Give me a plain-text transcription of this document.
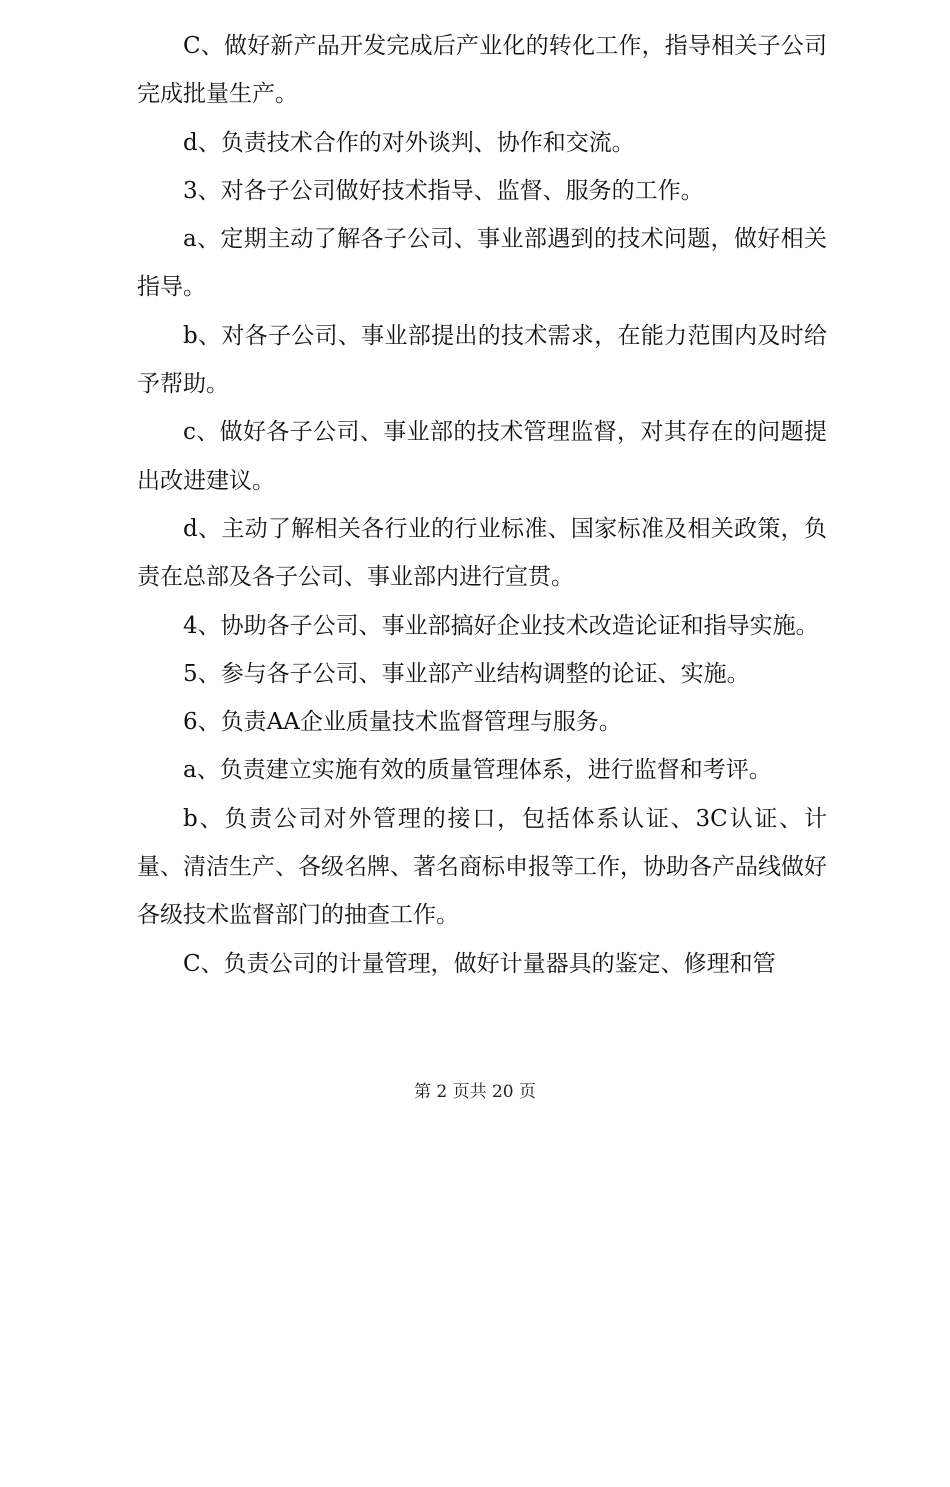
C、做好新产品开发完成后产业化的转化工作，指导相关子公司完成批量生产。

d、负责技术合作的对外谈判、协作和交流。

3、对各子公司做好技术指导、监督、服务的工作。

a、定期主动了解各子公司、事业部遇到的技术问题，做好相关指导。

b、对各子公司、事业部提出的技术需求，在能力范围内及时给予帮助。

c、做好各子公司、事业部的技术管理监督，对其存在的问题提出改进建议。

d、主动了解相关各行业的行业标准、国家标准及相关政策，负责在总部及各子公司、事业部内进行宣贯。

4、协助各子公司、事业部搞好企业技术改造论证和指导实施。

5、参与各子公司、事业部产业结构调整的论证、实施。

6、负责AA企业质量技术监督管理与服务。

a、负责建立实施有效的质量管理体系，进行监督和考评。

b、负责公司对外管理的接口，包括体系认证、3C认证、计量、清洁生产、各级名牌、著名商标申报等工作，协助各产品线做好各级技术监督部门的抽查工作。

C、负责公司的计量管理，做好计量器具的鉴定、修理和管

第 2 页共 20 页
